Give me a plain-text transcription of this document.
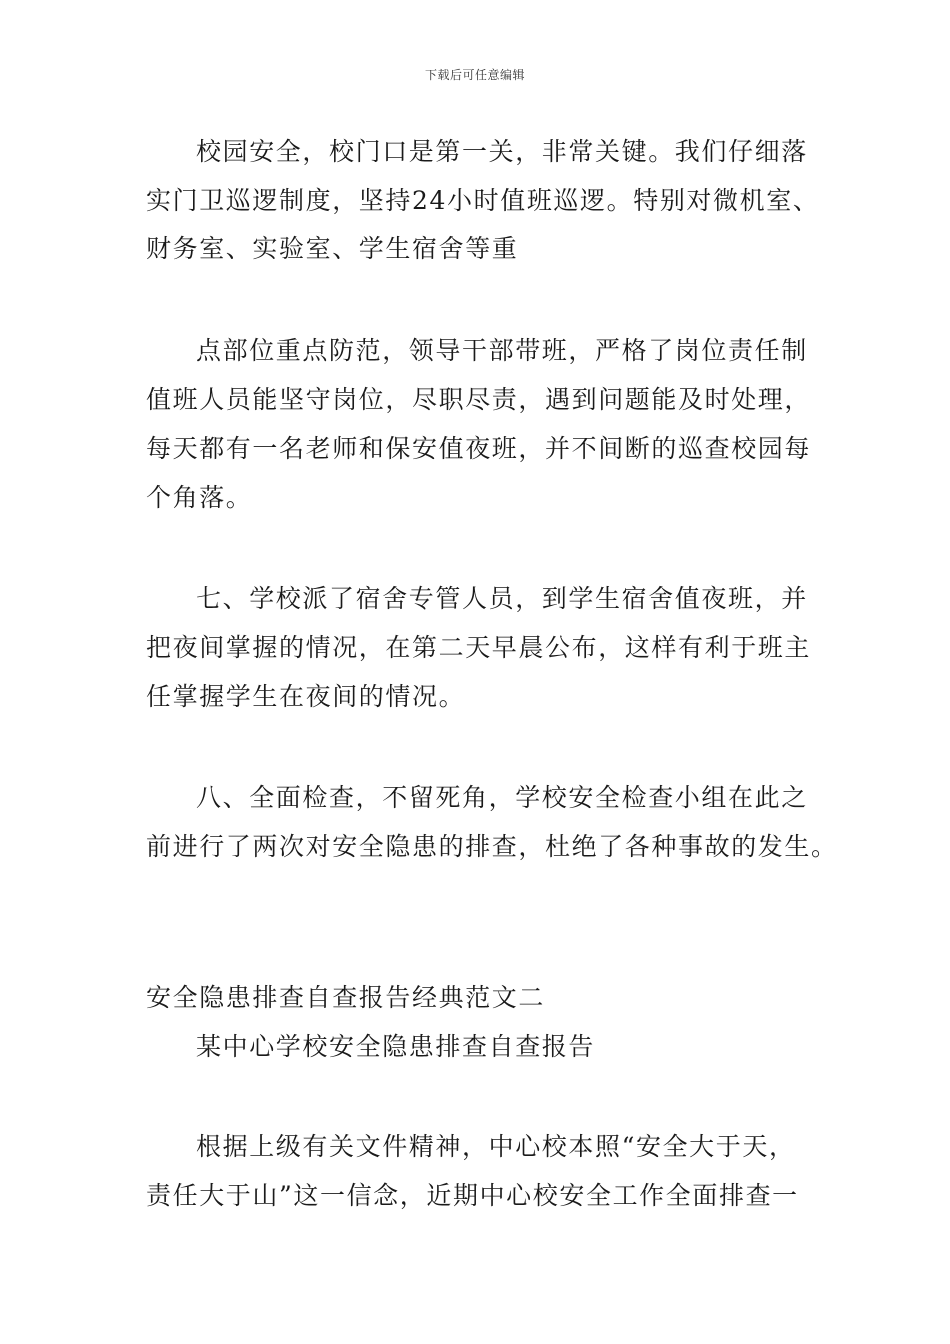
下载后可任意编辑
校园安全，校门口是第一关，非常关键。我们仔细落
实门卫巡逻制度，坚持24小时值班巡逻。特别对微机室、
财务室、实验室、学生宿舍等重
点部位重点防范，领导干部带班，严格了岗位责任制
值班人员能坚守岗位，尽职尽责，遇到问题能及时处理，
每天都有一名老师和保安值夜班，并不间断的巡查校园每
个角落。
七、学校派了宿舍专管人员，到学生宿舍值夜班，并
把夜间掌握的情况，在第二天早晨公布，这样有利于班主
任掌握学生在夜间的情况。
八、全面检查，不留死角，学校安全检查小组在此之
前进行了两次对安全隐患的排查，杜绝了各种事故的发生。
安全隐患排查自查报告经典范文二
某中心学校安全隐患排查自查报告
根据上级有关文件精神，中心校本照“安全大于天，
责任大于山”这一信念，近期中心校安全工作全面排查一
